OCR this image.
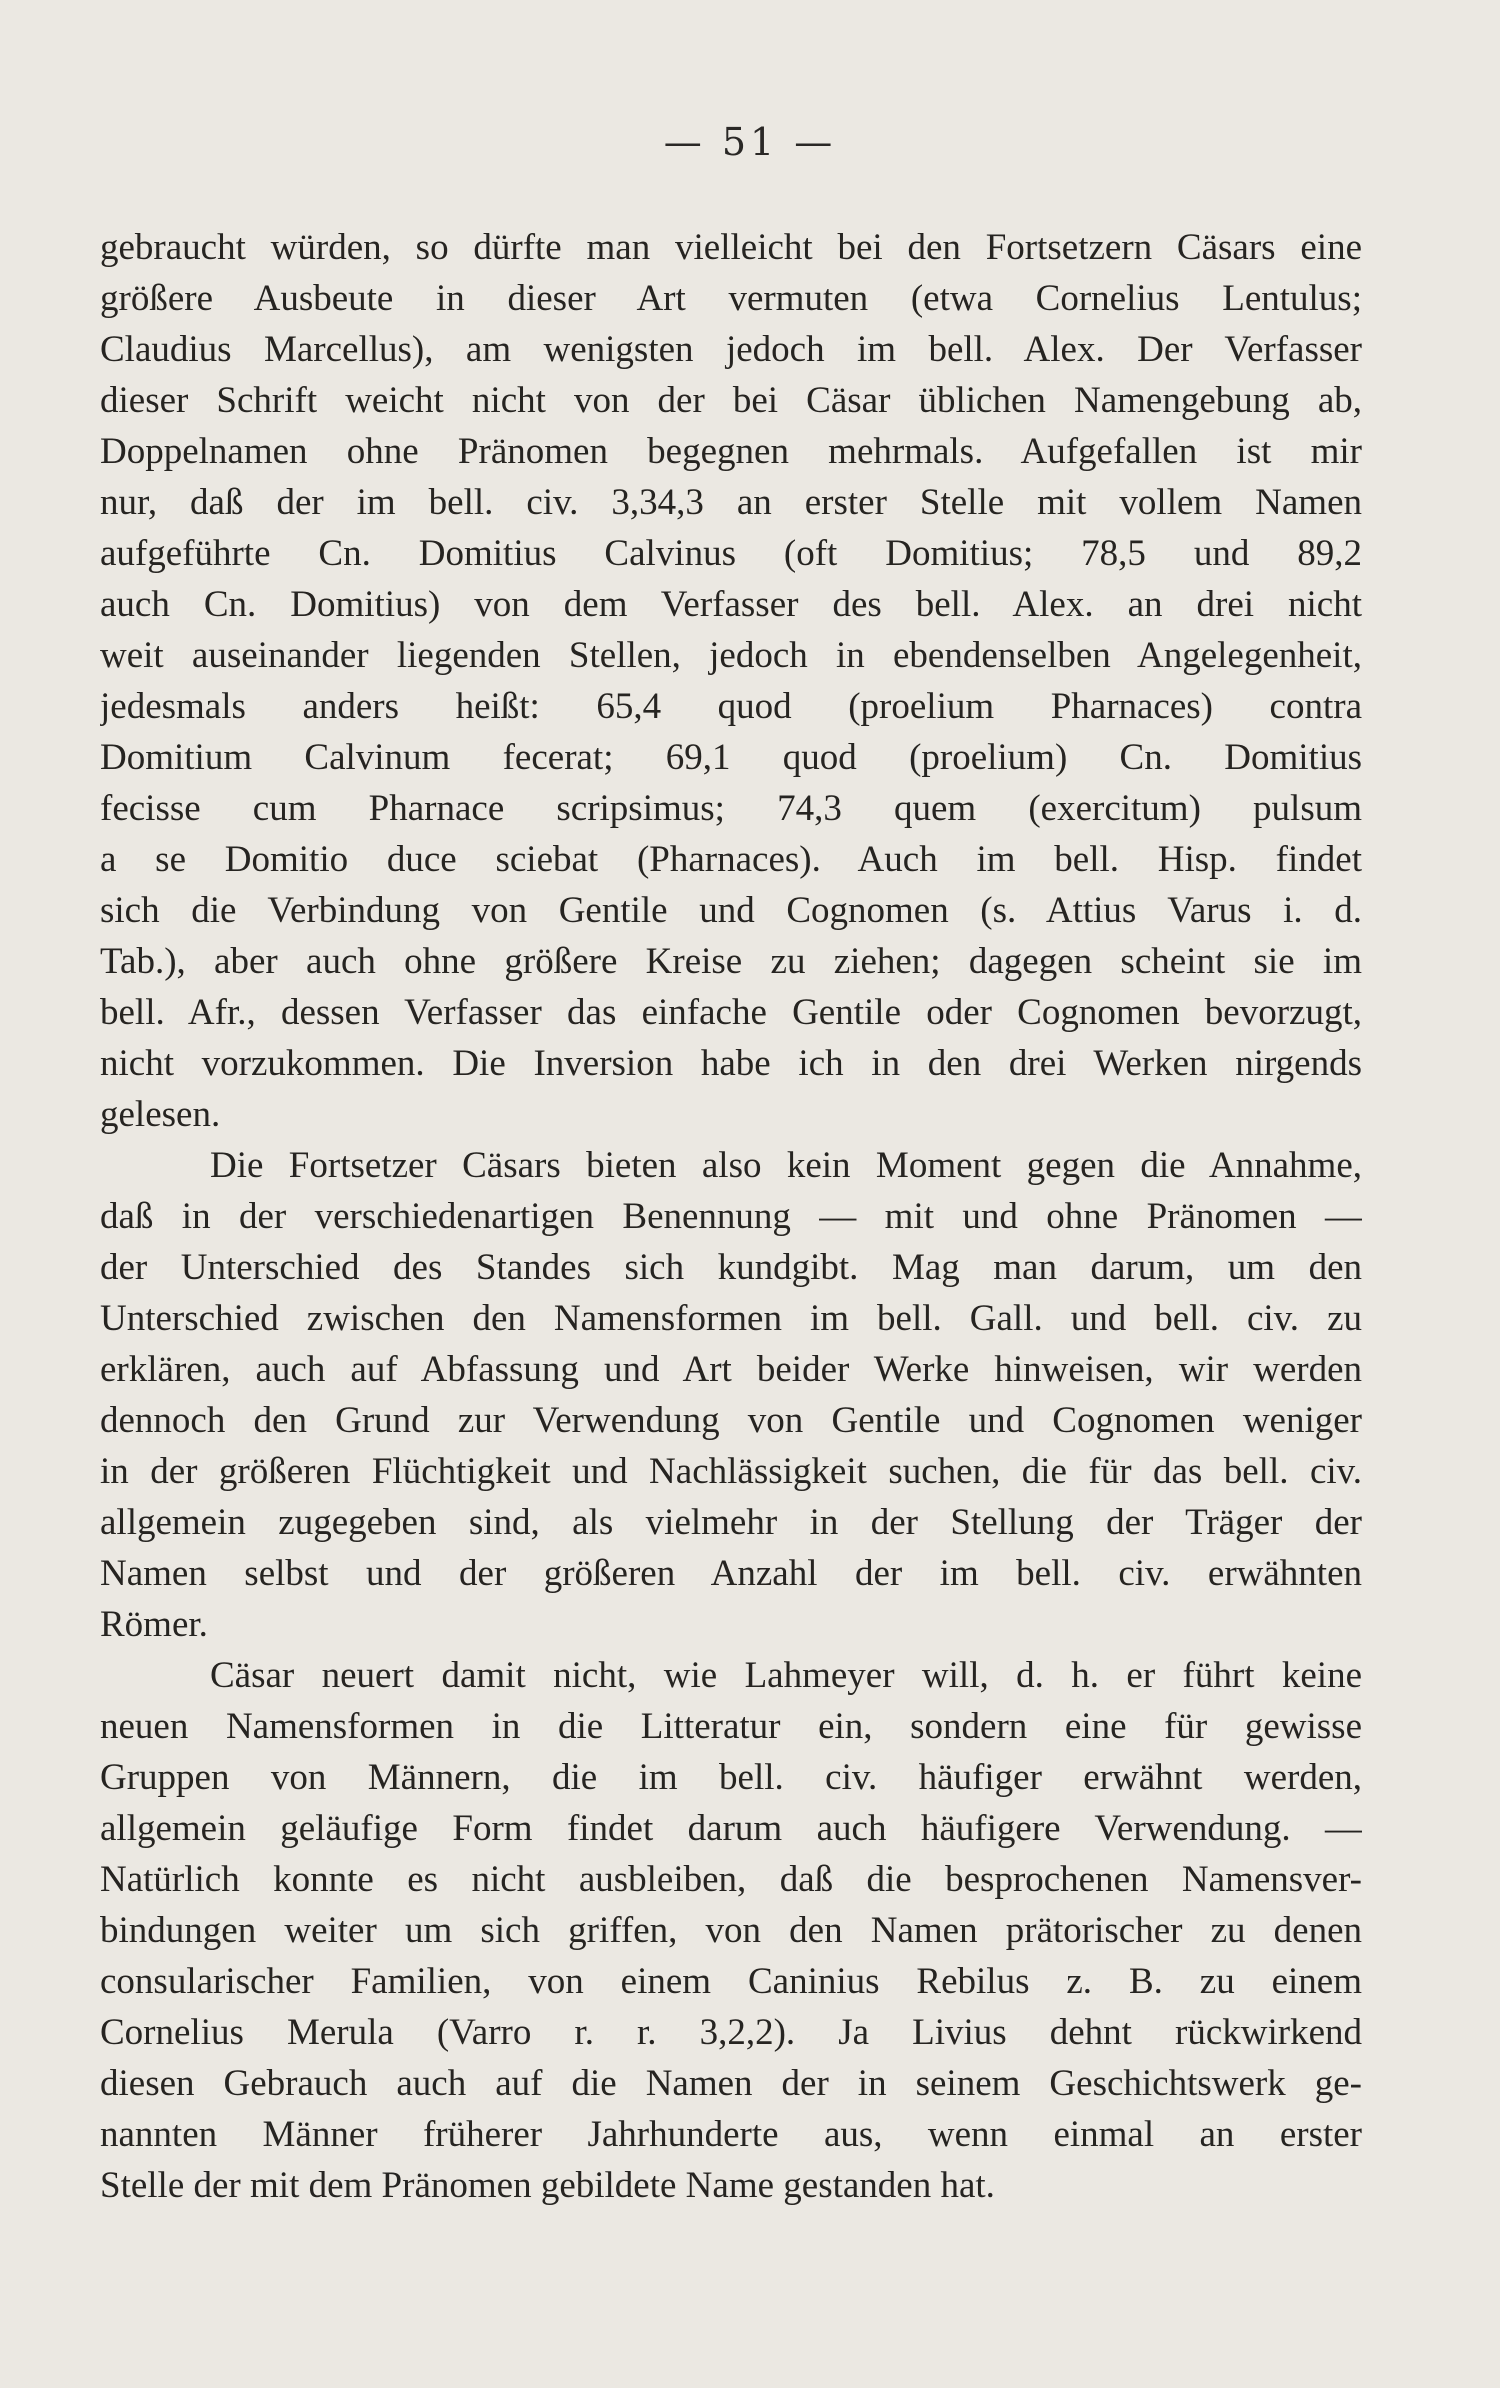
— 51 —
gebraucht würden, so dürfte man vielleicht bei den Fortsetzern Cäsars eine
größere Ausbeute in dieser Art vermuten (etwa Cornelius Lentulus;
Claudius Marcellus), am wenigsten jedoch im bell. Alex. Der Verfasser
dieser Schrift weicht nicht von der bei Cäsar üblichen Namengebung ab,
Doppelnamen ohne Pränomen begegnen mehrmals. Aufgefallen ist mir
nur, daß der im bell. civ. 3,34,3 an erster Stelle mit vollem Namen
aufgeführte Cn. Domitius Calvinus (oft Domitius; 78,5 und 89,2
auch Cn. Domitius) von dem Verfasser des bell. Alex. an drei nicht
weit auseinander liegenden Stellen, jedoch in ebendenselben Angelegenheit,
jedesmals anders heißt: 65,4 quod (proelium Pharnaces) contra
Domitium Calvinum fecerat; 69,1 quod (proelium) Cn. Domitius
fecisse cum Pharnace scripsimus; 74,3 quem (exercitum) pulsum
a se Domitio duce sciebat (Pharnaces). Auch im bell. Hisp. findet
sich die Verbindung von Gentile und Cognomen (s. Attius Varus i. d.
Tab.), aber auch ohne größere Kreise zu ziehen; dagegen scheint sie im
bell. Afr., dessen Verfasser das einfache Gentile oder Cognomen bevorzugt,
nicht vorzukommen. Die Inversion habe ich in den drei Werken nirgends
gelesen.
Die Fortsetzer Cäsars bieten also kein Moment gegen die Annahme,
daß in der verschiedenartigen Benennung — mit und ohne Pränomen —
der Unterschied des Standes sich kundgibt. Mag man darum, um den
Unterschied zwischen den Namensformen im bell. Gall. und bell. civ. zu
erklären, auch auf Abfassung und Art beider Werke hinweisen, wir werden
dennoch den Grund zur Verwendung von Gentile und Cognomen weniger
in der größeren Flüchtigkeit und Nachlässigkeit suchen, die für das bell. civ.
allgemein zugegeben sind, als vielmehr in der Stellung der Träger der
Namen selbst und der größeren Anzahl der im bell. civ. erwähnten
Römer.
Cäsar neuert damit nicht, wie Lahmeyer will, d. h. er führt keine
neuen Namensformen in die Litteratur ein, sondern eine für gewisse
Gruppen von Männern, die im bell. civ. häufiger erwähnt werden,
allgemein geläufige Form findet darum auch häufigere Verwendung. —
Natürlich konnte es nicht ausbleiben, daß die besprochenen Namensver-
bindungen weiter um sich griffen, von den Namen prätorischer zu denen
consularischer Familien, von einem Caninius Rebilus z. B. zu einem
Cornelius Merula (Varro r. r. 3,2,2). Ja Livius dehnt rückwirkend
diesen Gebrauch auch auf die Namen der in seinem Geschichtswerk ge-
nannten Männer früherer Jahrhunderte aus, wenn einmal an erster
Stelle der mit dem Pränomen gebildete Name gestanden hat.
